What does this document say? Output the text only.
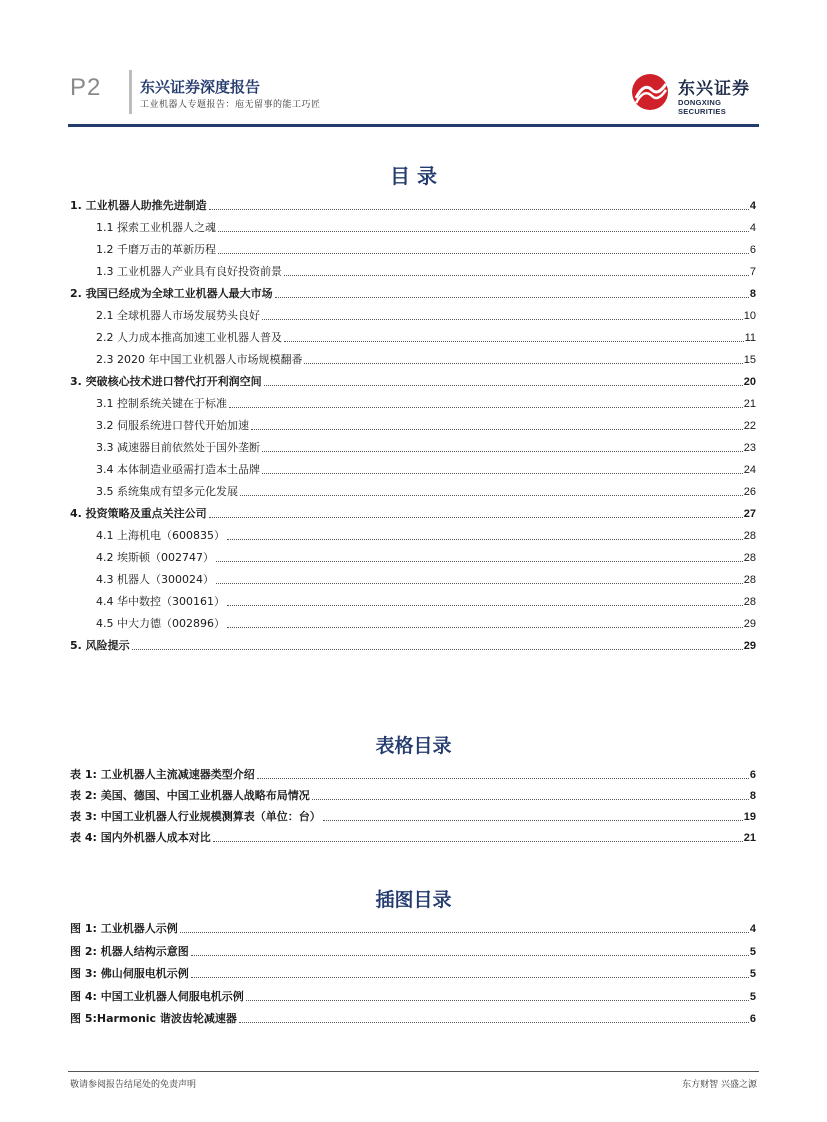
P2	东兴证券深度报告
工业机器人专题报告：庖无留事的能工巧匠
东兴证券
DONGXING SECURITIES
目 录
1. 工业机器人助推先进制造	4
1.1 探索工业机器人之魂	4
1.2 千磨万击的革新历程	6
1.3 工业机器人产业具有良好投资前景	7
2. 我国已经成为全球工业机器人最大市场	8
2.1 全球机器人市场发展势头良好	10
2.2 人力成本推高加速工业机器人普及	11
2.3 2020 年中国工业机器人市场规模翻番	15
3. 突破核心技术进口替代打开利润空间	20
3.1 控制系统关键在于标准	21
3.2 伺服系统进口替代开始加速	22
3.3 减速器目前依然处于国外垄断	23
3.4 本体制造业亟需打造本土品牌	24
3.5 系统集成有望多元化发展	26
4. 投资策略及重点关注公司	27
4.1 上海机电（600835）	28
4.2 埃斯顿（002747）	28
4.3 机器人（300024）	28
4.4 华中数控（300161）	28
4.5 中大力德（002896）	29
5. 风险提示	29
表格目录
表 1: 工业机器人主流减速器类型介绍	6
表 2: 美国、德国、中国工业机器人战略布局情况	8
表 3: 中国工业机器人行业规模测算表（单位：台）	19
表 4: 国内外机器人成本对比	21
插图目录
图 1: 工业机器人示例	4
图 2: 机器人结构示意图	5
图 3: 佛山伺服电机示例	5
图 4: 中国工业机器人伺服电机示例	5
图 5:Harmonic 谐波齿轮减速器	6
敬请参阅报告结尾处的免责声明	东方财智 兴盛之源
